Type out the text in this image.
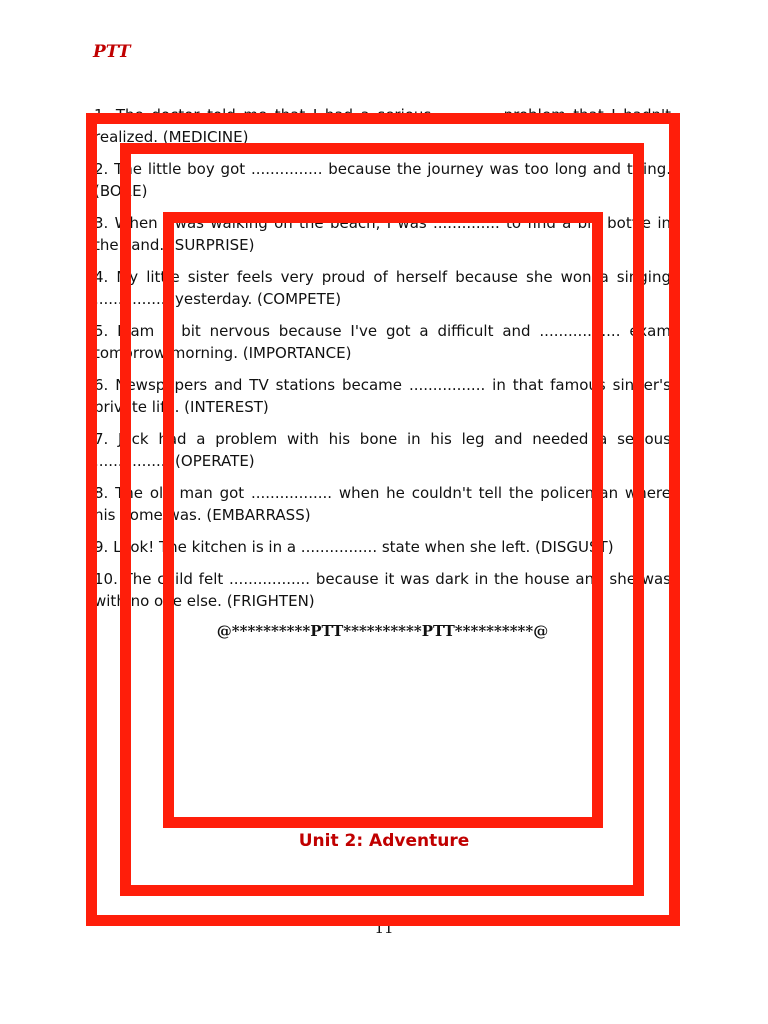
PTT
1. The doctor told me that I had a serious ............ problem that I hadn't realized. (MEDICINE)
2. The little boy got ............... because the journey was too long and tiring. (BORE)
3. When I was walking on the beach, I was .............. to find a big bottle in the sand. (SURPRISE)
4. My little sister feels very proud of herself because she won a singing ................ yesterday. (COMPETE)
5. I am a bit nervous because I've got a difficult and ................. exam tomorrow morning. (IMPORTANCE)
6. Newspapers and TV stations became ................ in that famous singer's private life. (INTEREST)
7. Jack had a problem with his bone in his leg and needed a serious ................ (OPERATE)
8. The old man got ................. when he couldn't tell the policeman where his home was. (EMBARRASS)
9. Look! The kitchen is in a ................ state when she left. (DISGUST)
10. The child felt ................. because it was dark in the house and she was with no one else. (FRIGHTEN)
@**********PTT**********PTT**********@
Unit 2: Adventure
11
